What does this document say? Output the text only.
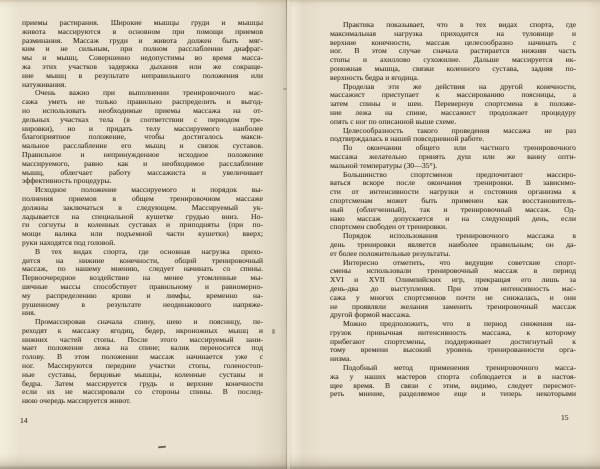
приемы растирания. Широкие мышцы груди и мышцы
живота массируются в основном при помощи приемов
разминания. Массаж груди и живота должен быть мяг-
ким и не сильным, при полном расслаблении диафраг-
мы и мышц. Совершенно недопустимы во время масса-
жа этих участков задержка дыхания или же сокраще-
ние мышц в результате неправильного положения или
натуживания.
Очень важно при выполнении тренировочного мас-
сажа уметь не только правильно распределить и выгод-
но использовать необходимые приемы массажа на от-
дельных участках тела (в соответствии с периодом тре-
нировки), но и придать телу массируемого наиболее
благоприятное положение, чтобы достигалось макси-
мальное расслабление его мышц и связок суставов.
Правильное и непринужденное исходное положение
массируемого, равно как и необходимое расслабление
мышц, облегчает работу массажиста и увеличивает
эффективность процедуры.
Исходное положение массируемого и порядок вы-
полнения приемов в общем тренировочном массаже
должны заключаться в следующем. Массируемый ук-
ладывается на специальной кушетке грудью вниз. Но-
ги согнуты в коленных суставах и приподняты (при по-
мощи валика или подъемной части кушетки) вверх;
руки находятся под головой.
В тех видах спорта, где основная нагрузка прихо-
дится на нижние конечности, общий тренировочный
массаж, по нашему мнению, следует начинать со спины.
Первоочередное воздействие на менее утомленные мы-
шечные массы способствует правильному и равномерно-
му распределению крови и лимфы, временно на-
рушенному в результате неодинакового напряже-
ния.
Промассировав сначала спину, шею и поясницу, пе-
реходят к массажу ягодиц, бедер, икроножных мышц и
нижних частей стопы. После этого массируемый зани-
мает положение лежа на спине; валик переносится под
голову. В этом положении массаж начинается уже с
ног. Массируются передние участки стопы, голеностоп-
ные суставы, берцовые мышцы, коленные суставы и
бедра. Затем массируется грудь и верхние конечности
если их не массировали со стороны спины. В послед-
нюю очередь массируется живот.
Практика показывает, что в тех видах спорта, где
максимальная нагрузка приходится на туловище и
верхние конечности, массаж целесообразно начинать с
ног. В этом случае сначала растирается нижняя часть
стопы и ахиллово сухожилие. Дальше массируется ик-
роножная мышца, связки коленного сустава, задняя по-
верхность бедра и ягодица.
Проделав эти же действия на другой конечности,
массажист приступает к массированию поясницы, а
затем спины и шеи. Перевернув спортсмена в положе-
ние лежа на спине, массажист продолжает процедуру
опять с ног по описанной выше схеме.
Целесообразность такого проведения массажа не раз
подтверждалась в нашей повседневной работе.
По окончании общего или частного тренировочного
массажа желательно принять душ или же ванну опти-
мальной температуры (30—35°).
Большинство спортсменов предпочитают массиро-
ваться вскоре после окончания тренировки. В зависимо-
сти от интенсивности нагрузки и состояния организма к
спортсменам может быть применен как восстановитель-
ный (облегченный), так и тренировочный массаж. Од-
нако массаж допускается и на следующий день, если
спортсмен свободен от тренировки.
Порядок использования тренировочного массажа в
день тренировки является наиболее правильным; он да-
ет более положительные результаты.
Интересно отметить, что ведущие советские спорт-
смены использовали тренировочный массаж в период
XVI и XVII Олимпийских игр, прекращая его лишь за
день-два до выступления. При этом интенсивность мас-
сажа у многих спортсменов почти не снижалась, и они
не проявляли желания заменить тренировочный массаж
другой формой массажа.
Можно предположить, что в период снижения на-
грузок привычная интенсивность массажа, к которому
прибегают спортсмены, поддерживает достигнутый к
тому времени высокий уровень тренированности орга-
низма.
Подобный метод применения тренировочного масса-
жа у наших мастеров спорта соблюдается и в настоя-
щее время. В связи с этим, видимо, следует пересмот-
реть мнение, разделяемое еще и теперь некоторыми
14	15
